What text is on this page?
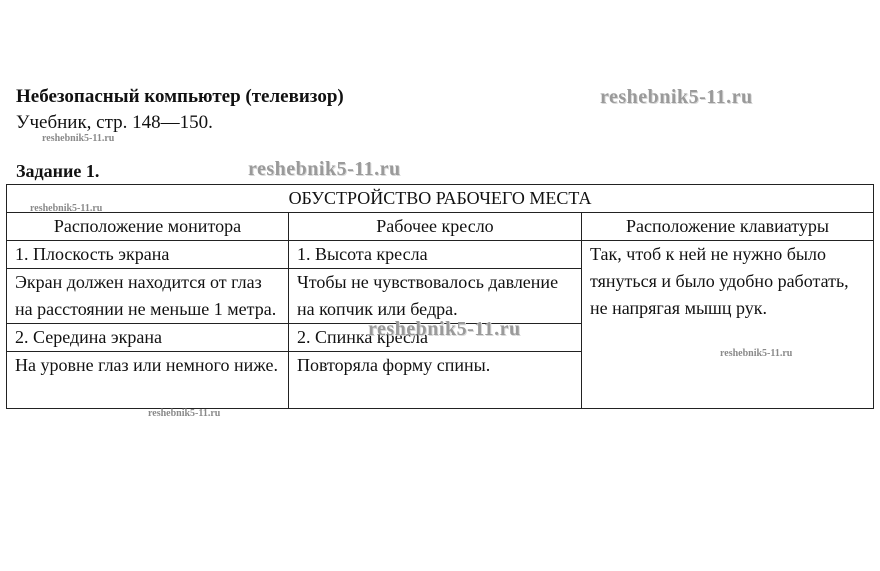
Небезопасный компьютер (телевизор)
Учебник, стр. 148—150.
reshebnik5-11.ru
Задание 1.
reshebnik5-11.ru
reshebnik5-11.ru
ОБУСТРОЙСТВО РАБОЧЕГО МЕСТА		
Расположение монитора	Рабочее кресло	Расположение клавиатуры
1. Плоскость экрана	1. Высота кресла	Так, чтоб к ней не нужно было тянуться и было удобно работать, не напрягая мышц рук.
Экран должен находится от глаз на расстоянии не меньше 1 метра.	Чтобы не чувствовалось давление на копчик или бедра.	
2. Середина экрана	2. Спинка кресла	
На уровне глаз или немного ниже.	Повторяла форму спины.	
reshebnik5-11.ru
reshebnik5-11.ru
reshebnik5-11.ru
reshebnik5-11.ru
